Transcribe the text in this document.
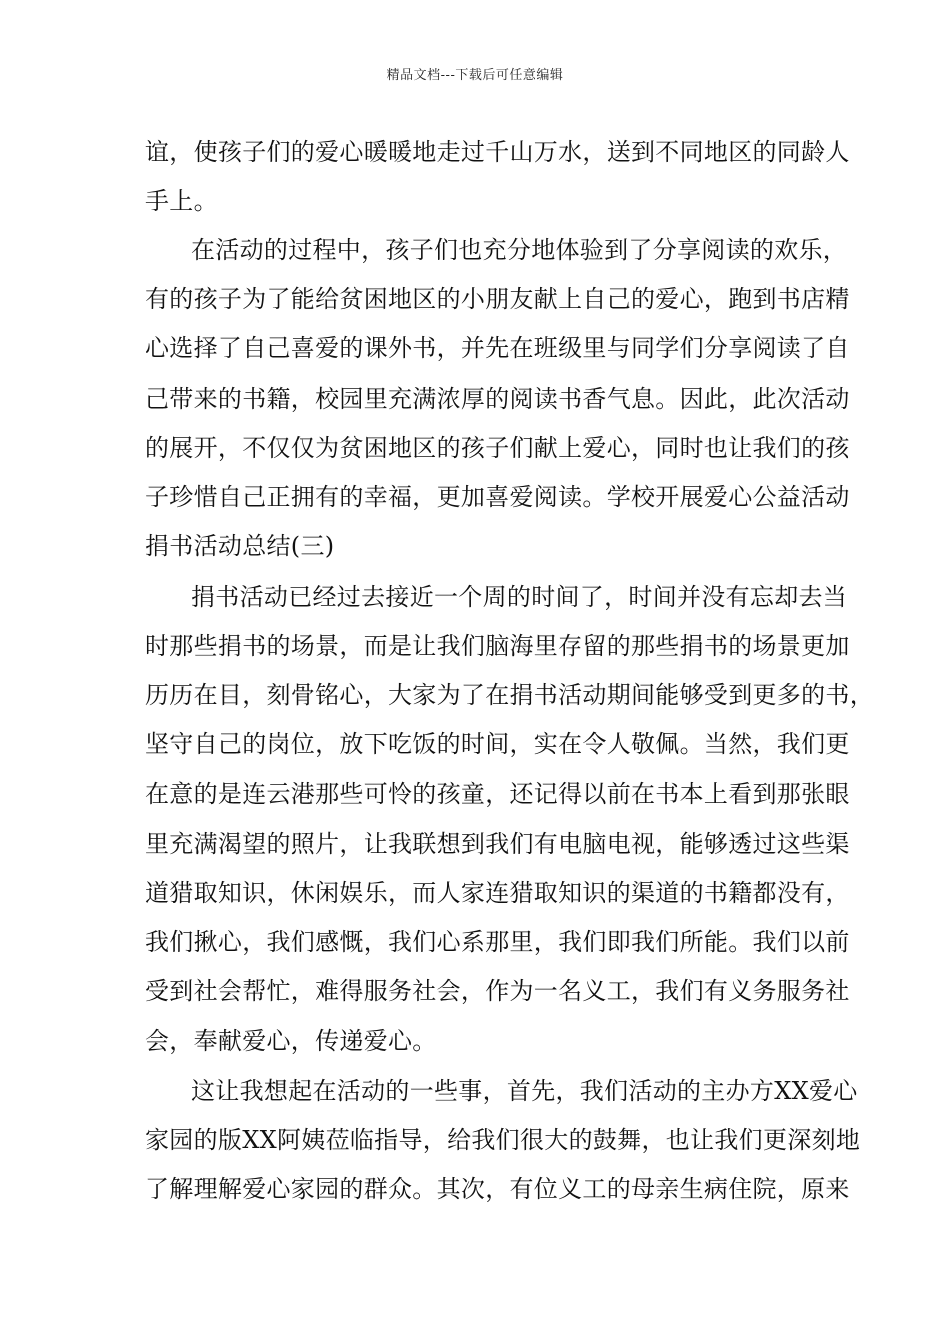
精品文档---下载后可任意编辑
谊，使孩子们的爱心暖暖地走过千山万水，送到不同地区的同龄人
手上。
在活动的过程中，孩子们也充分地体验到了分享阅读的欢乐，
有的孩子为了能给贫困地区的小朋友献上自己的爱心，跑到书店精
心选择了自己喜爱的课外书，并先在班级里与同学们分享阅读了自
己带来的书籍，校园里充满浓厚的阅读书香气息。因此，此次活动
的展开，不仅仅为贫困地区的孩子们献上爱心，同时也让我们的孩
子珍惜自己正拥有的幸福，更加喜爱阅读。学校开展爱心公益活动
捐书活动总结(三)
捐书活动已经过去接近一个周的时间了，时间并没有忘却去当
时那些捐书的场景，而是让我们脑海里存留的那些捐书的场景更加
历历在目，刻骨铭心，大家为了在捐书活动期间能够受到更多的书，
坚守自己的岗位，放下吃饭的时间，实在令人敬佩。当然，我们更
在意的是连云港那些可怜的孩童，还记得以前在书本上看到那张眼
里充满渴望的照片，让我联想到我们有电脑电视，能够透过这些渠
道猎取知识，休闲娱乐，而人家连猎取知识的渠道的书籍都没有，
我们揪心，我们感慨，我们心系那里，我们即我们所能。我们以前
受到社会帮忙，难得服务社会，作为一名义工，我们有义务服务社
会，奉献爱心，传递爱心。
这让我想起在活动的一些事，首先，我们活动的主办方XX爱心
家园的版XX阿姨莅临指导，给我们很大的鼓舞，也让我们更深刻地
了解理解爱心家园的群众。其次，有位义工的母亲生病住院，原来
